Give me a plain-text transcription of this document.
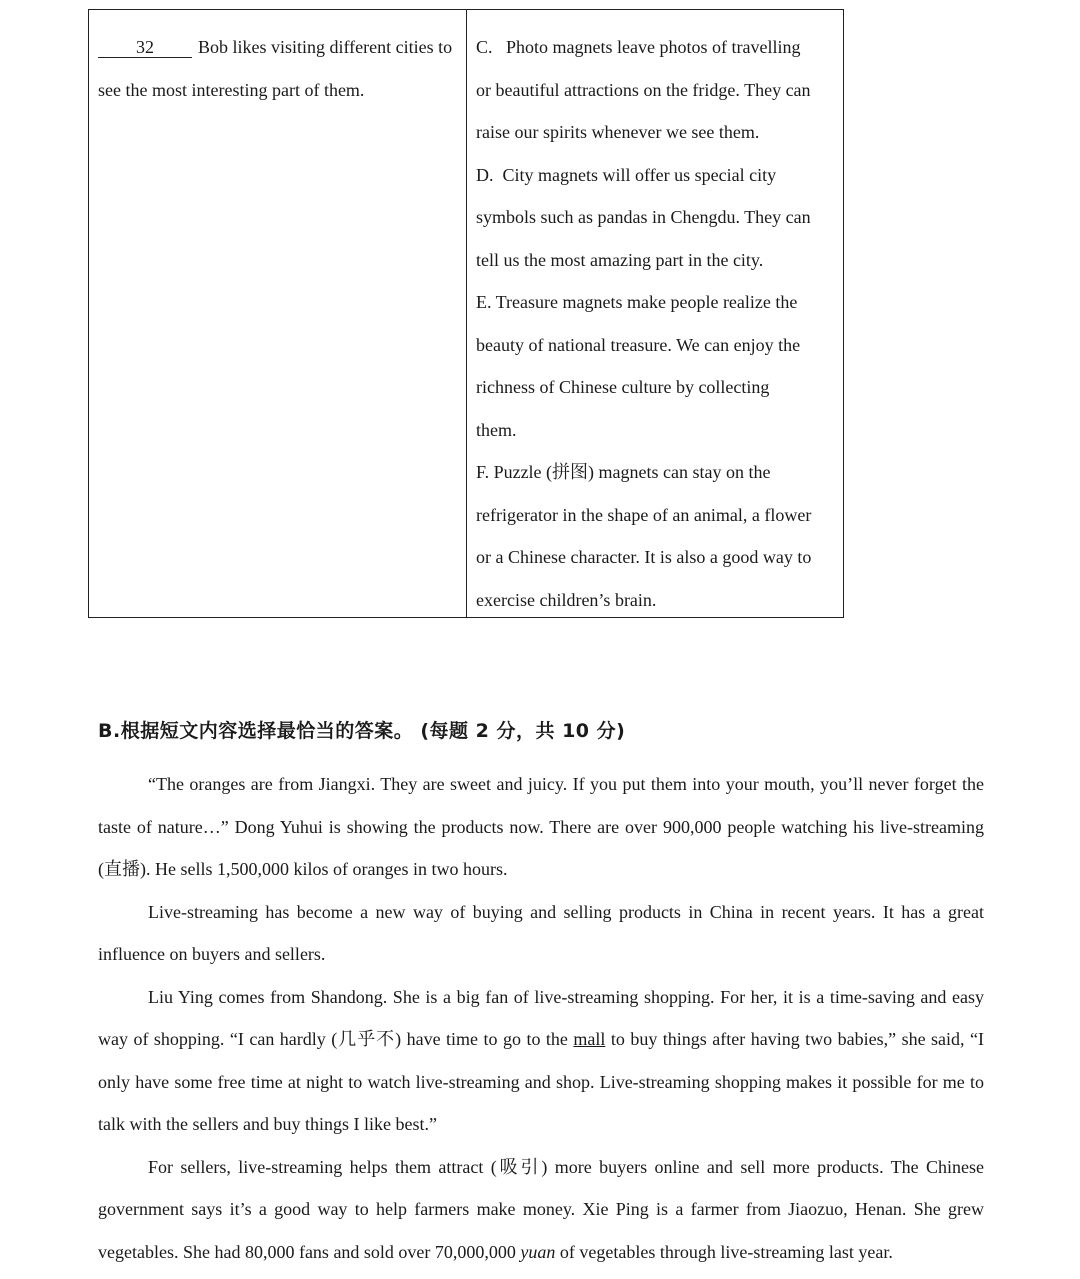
32 Bob likes visiting different cities to see the most interesting part of them.
C.   Photo magnets leave photos of travelling
or beautiful attractions on the fridge. They can
raise our spirits whenever we see them.
D.  City magnets will offer us special city
symbols such as pandas in Chengdu. They can
tell us the most amazing part in the city.
E. Treasure magnets make people realize the
beauty of national treasure. We can enjoy the
richness of Chinese culture by collecting
them.
F. Puzzle (拼图) magnets can stay on the
refrigerator in the shape of an animal, a flower
or a Chinese character. It is also a good way to
exercise children’s brain.
B.根据短文内容选择最恰当的答案。 (每题 2 分，共 10 分)

“The oranges are from Jiangxi. They are sweet and juicy. If you put them into your mouth, you’ll never forget the taste of nature…” Dong Yuhui is showing the products now. There are over 900,000 people watching his live-streaming (直播). He sells 1,500,000 kilos of oranges in two hours.

Live-streaming has become a new way of buying and selling products in China in recent years. It has a great influence on buyers and sellers.

Liu Ying comes from Shandong. She is a big fan of live-streaming shopping. For her, it is a time-saving and easy way of shopping. “I can hardly (几乎不) have time to go to the mall to buy things after having two babies,” she said, “I only have some free time at night to watch live-streaming and shop. Live-streaming shopping makes it possible for me to talk with the sellers and buy things I like best.”

For sellers, live-streaming helps them attract (吸引) more buyers online and sell more products. The Chinese government says it’s a good way to help farmers make money. Xie Ping is a farmer from Jiaozuo, Henan. She grew vegetables. She had 80,000 fans and sold over 70,000,000 yuan of vegetables through live-streaming last year.
